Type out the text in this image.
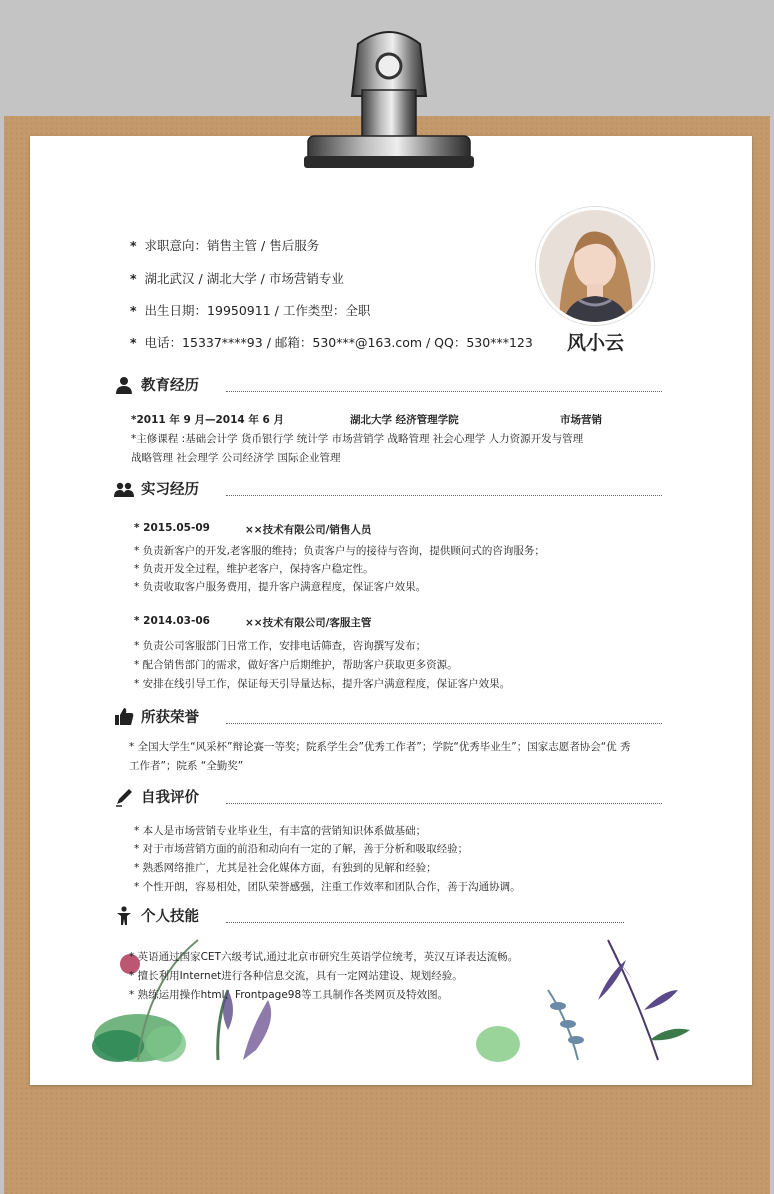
* 求职意向：销售主管 / 售后服务
* 湖北武汉 / 湖北大学 / 市场营销专业
* 出生日期：19950911 / 工作类型：全职
* 电话：15337****93 / 邮箱：530***@163.com / QQ：530***123 风小云
教育经历
*2011 年 9 月—2014 年 6 月	湖北大学 经济管理学院	市场营销
*主修课程 :基础会计学 货币银行学 统计学 市场营销学 战略管理 社会心理学 人力资源开发与管理
战略管理 社会理学 公司经济学 国际企业管理
实习经历
* 2015.05-09	××技术有限公司/销售人员
* 负责新客户的开发,老客服的维持；负责客户与的接待与咨询，提供顾问式的咨询服务；
* 负责开发全过程，维护老客户，保持客户稳定性。
* 负责收取客户服务费用，提升客户满意程度，保证客户效果。
* 2014.03-06	××技术有限公司/客服主管
* 负责公司客服部门日常工作，安排电话筛查，咨询撰写发布；
* 配合销售部门的需求，做好客户后期维护，帮助客户获取更多资源。
* 安排在线引导工作，保证每天引导量达标，提升客户满意程度，保证客户效果。
所获荣誉
* 全国大学生“风采杯”辩论赛一等奖；院系学生会”优秀工作者”；学院“优秀毕业生”；国家志愿者协会“优 秀
工作者”；院系 “全勤奖”
自我评价
* 本人是市场营销专业毕业生，有丰富的营销知识体系做基础；
* 对于市场营销方面的前沿和动向有一定的了解，善于分析和吸取经验；
* 熟悉网络推广，尤其是社会化媒体方面，有独到的见解和经验；
* 个性开朗，容易相处，团队荣誉感强，注重工作效率和团队合作，善于沟通协调。
个人技能
* 英语通过国家CET六级考试,通过北京市研究生英语学位统考，英汉互译表达流畅。
* 擅长利用Internet进行各种信息交流，具有一定网站建设、规划经验。
* 熟练运用操作html、Frontpage98等工具制作各类网页及特效图。
